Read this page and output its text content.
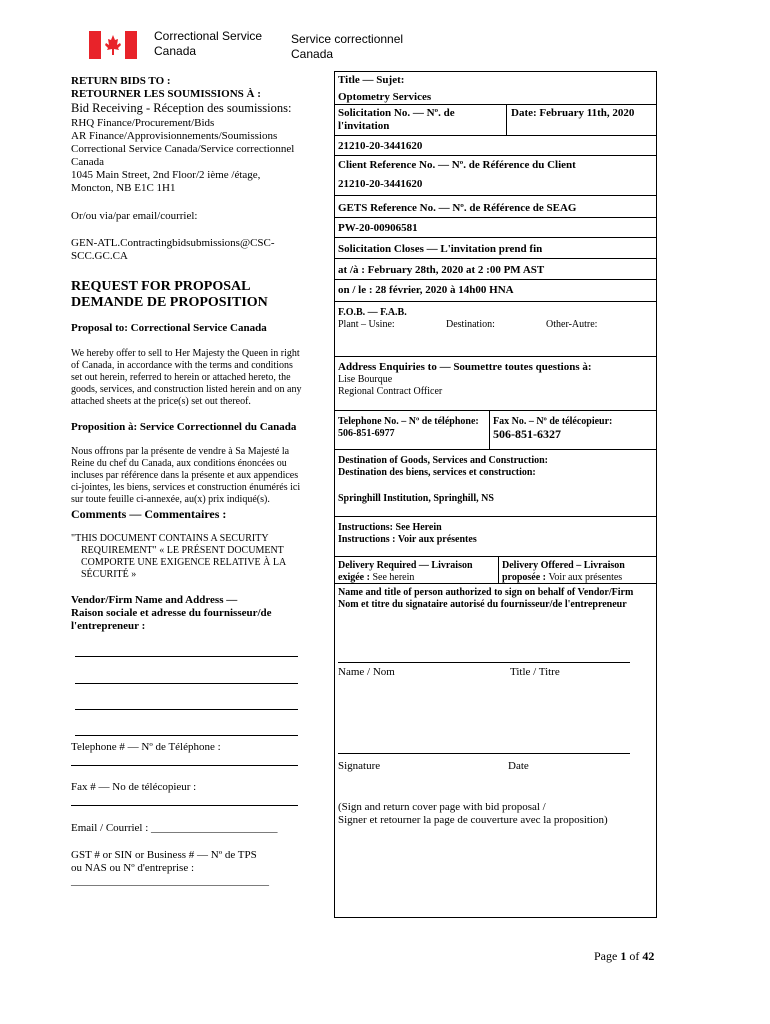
Correctional Service
Canada
Service correctionnel
Canada
RETURN BIDS TO :
RETOURNER LES SOUMISSIONS À :
Bid Receiving - Réception des soumissions:
RHQ Finance/Procurement/Bids
AR Finance/Approvisionnements/Soumissions
Correctional Service Canada/Service correctionnel
Canada
1045 Main Street, 2nd Floor/2 ième /étage,
Moncton, NB E1C 1H1
Or/ou via/par email/courriel:
GEN-ATL.Contractingbidsubmissions@CSC-
SCC.GC.CA
REQUEST FOR PROPOSAL
DEMANDE DE PROPOSITION
Proposal to: Correctional Service Canada
We hereby offer to sell to Her Majesty the Queen in right
of Canada, in accordance with the terms and conditions
set out herein, referred to herein or attached hereto, the
goods, services, and construction listed herein and on any
attached sheets at the price(s) set out thereof.
Proposition à: Service Correctionnel du Canada
Nous offrons par la présente de vendre à Sa Majesté la
Reine du chef du Canada, aux conditions énoncées ou
incluses par référence dans la présente et aux appendices
ci-jointes, les biens, services et construction énumérés ici
sur toute feuille ci-annexée, au(x) prix indiqué(s).
Comments — Commentaires :
"THIS DOCUMENT CONTAINS A SECURITY
REQUIREMENT" « LE PRÉSENT DOCUMENT
COMPORTE UNE EXIGENCE RELATIVE À LA
SÉCURITÉ »
Vendor/Firm Name and Address —
Raison sociale et adresse du fournisseur/de
l'entrepreneur :
Telephone # — Nº de Téléphone :
Fax # — No de télécopieur :
Email / Courriel : _______________________
GST # or SIN or Business # — Nº de TPS
ou NAS ou Nº d'entreprise :
____________________________________
Title — Sujet:
Optometry Services
Solicitation No. — Nº. de
l'invitation
Date: February 11th, 2020
21210-20-3441620
Client Reference No. — Nº. de Référence du Client
21210-20-3441620
GETS Reference No. — Nº. de Référence de SEAG
PW-20-00906581
Solicitation Closes — L'invitation prend fin
at /à : February 28th, 2020 at 2 :00 PM AST
on / le : 28 février, 2020 à 14h00 HNA
F.O.B. — F.A.B.
Plant – Usine:	Destination:	Other-Autre:
Address Enquiries to — Soumettre toutes questions à:
Lise Bourque
Regional Contract Officer
Telephone No. – Nº de téléphone:
506-851-6977
Fax No. – Nº de télécopieur:
506-851-6327
Destination of Goods, Services and Construction:
Destination des biens, services et construction:
Springhill Institution, Springhill, NS
Instructions: See Herein
Instructions : Voir aux présentes
Delivery Required — Livraison
exigée : See herein
Delivery Offered – Livraison
proposée : Voir aux présentes
Name and title of person authorized to sign on behalf of Vendor/Firm
Nom et titre du signataire autorisé du fournisseur/de l'entrepreneur
Name / Nom	Title / Titre
Signature	Date
(Sign and return cover page with bid proposal /
Signer et retourner la page de couverture avec la proposition)
Page 1 of 42
